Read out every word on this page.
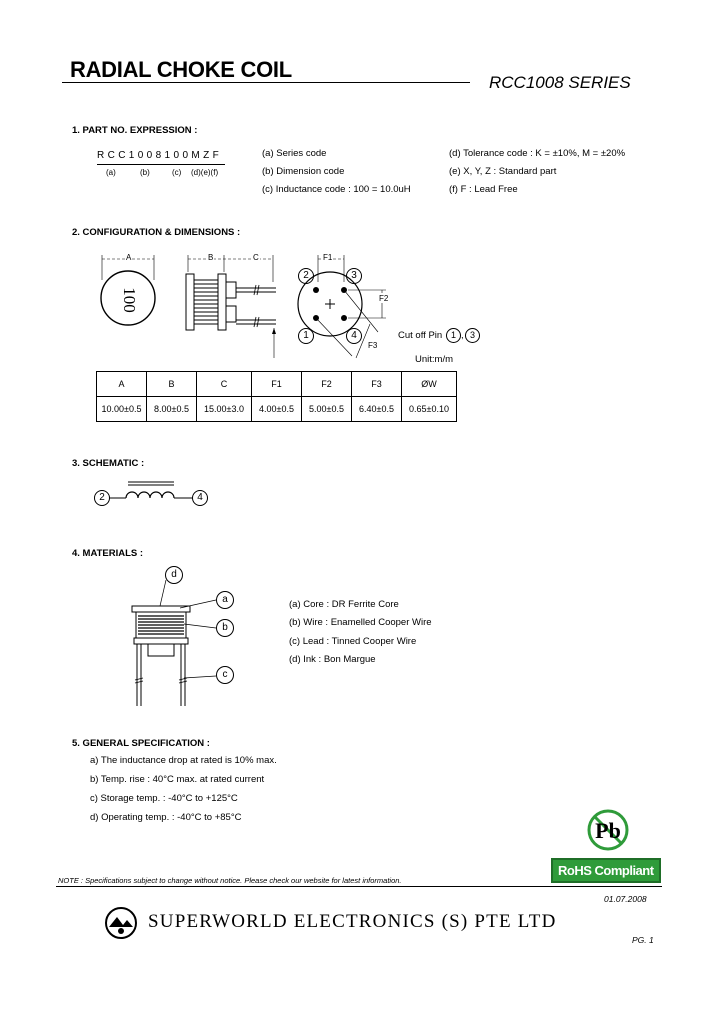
RADIAL CHOKE COIL
RCC1008 SERIES
1. PART NO. EXPRESSION :
R C C 1 0 0 8 1 0 0 M Z F
(a)	(b)	(c) (d)(e)(f)
(a) Series code
(b) Dimension code
(c) Inductance code : 100 = 10.0uH
(d) Tolerance code : K = ±10%, M = ±20%
(e) X, Y, Z : Standard part
(f) F : Lead Free
2. CONFIGURATION & DIMENSIONS :
100
A	B	C	F1
F2
F3
2	3
1	4	Cut off Pin 1 , 3
Unit:m/m
A	B	C	F1	F2	F3	ØW
10.00±0.5	8.00±0.5	15.00±3.0	4.00±0.5	5.00±0.5	6.40±0.5	0.65±0.10
3. SCHEMATIC :
2	4
4. MATERIALS :
d
a
b
c
(a) Core : DR Ferrite Core
(b) Wire : Enamelled Cooper Wire
(c) Lead : Tinned Cooper Wire
(d) Ink : Bon Margue
5. GENERAL SPECIFICATION :
a) The inductance drop at rated is 10% max.
b) Temp. rise : 40°C max. at rated current
c) Storage temp. : -40°C to +125°C
d) Operating temp. : -40°C to +85°C
Pb
RoHS Compliant
NOTE : Specifications subject to change without notice. Please check our website for latest information.
01.07.2008
SUPERWORLD ELECTRONICS (S) PTE LTD
PG. 1
